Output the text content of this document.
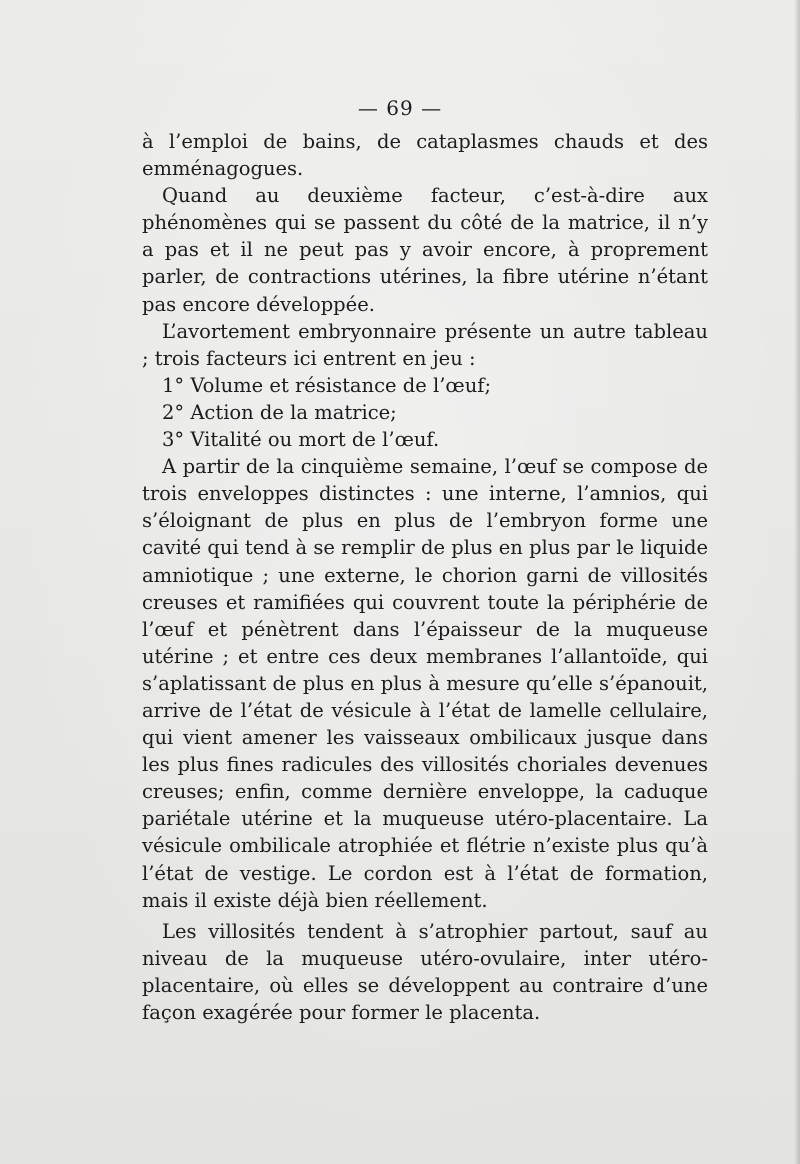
— 69 —

à l’emploi de bains, de cataplasmes chauds et des emménagogues.

Quand au deuxième facteur, c’est-à-dire aux phénomènes qui se passent du côté de la matrice, il n’y a pas et il ne peut pas y avoir encore, à proprement parler, de contractions utérines, la fibre utérine n’étant pas encore développée.

L’avortement embryonnaire présente un autre tableau ; trois facteurs ici entrent en jeu :

1° Volume et résistance de l’œuf;

2° Action de la matrice;

3° Vitalité ou mort de l’œuf.

A partir de la cinquième semaine, l’œuf se compose de trois enveloppes distinctes : une interne, l’amnios, qui s’éloignant de plus en plus de l’embryon forme une cavité qui tend à se remplir de plus en plus par le liquide amniotique ; une externe, le chorion garni de villosités creuses et ramifiées qui couvrent toute la périphérie de l’œuf et pénètrent dans l’épaisseur de la muqueuse utérine ; et entre ces deux membranes l’allantoïde, qui s’aplatissant de plus en plus à mesure qu’elle s’épanouit, arrive de l’état de vésicule à l’état de lamelle cellulaire, qui vient amener les vaisseaux ombilicaux jusque dans les plus fines radicules des villosités choriales devenues creuses; enfin, comme dernière enveloppe, la caduque pariétale utérine et la muqueuse utéro-placentaire. La vésicule ombilicale atrophiée et flétrie n’existe plus qu’à l’état de vestige. Le cordon est à l’état de formation, mais il existe déjà bien réellement.

Les villosités tendent à s’atrophier partout, sauf au niveau de la muqueuse utéro-ovulaire, inter utéro-placentaire, où elles se développent au contraire d’une façon exagérée pour former le placenta.
